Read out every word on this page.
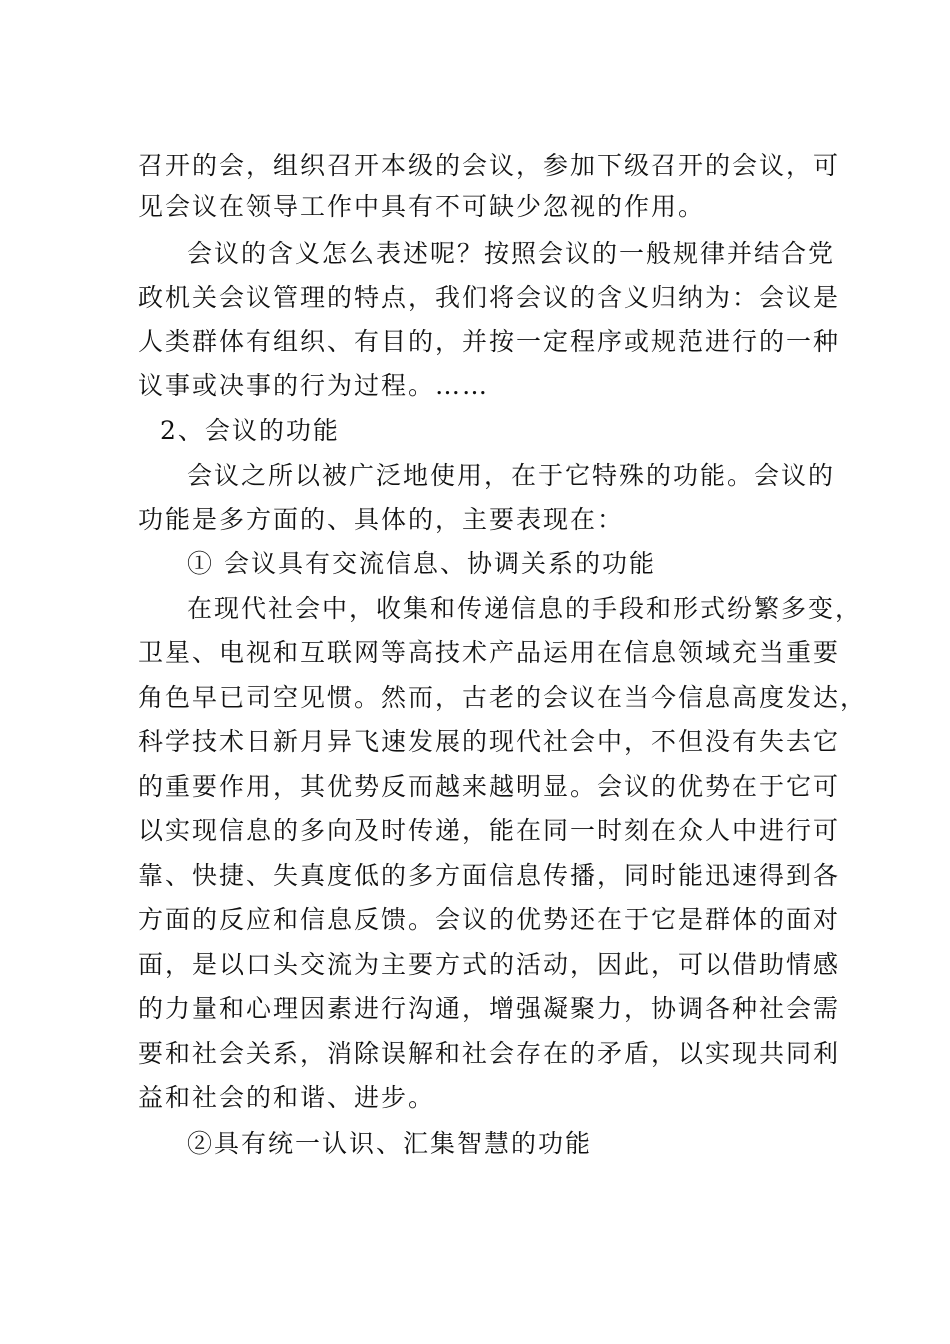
召开的会，组织召开本级的会议，参加下级召开的会议，可
见会议在领导工作中具有不可缺少忽视的作用。
会议的含义怎么表述呢？按照会议的一般规律并结合党
政机关会议管理的特点，我们将会议的含义归纳为：会议是
人类群体有组织、有目的，并按一定程序或规范进行的一种
议事或决事的行为过程。……
2、会议的功能
会议之所以被广泛地使用，在于它特殊的功能。会议的
功能是多方面的、具体的，主要表现在：
① 会议具有交流信息、协调关系的功能
在现代社会中，收集和传递信息的手段和形式纷繁多变，
卫星、电视和互联网等高技术产品运用在信息领域充当重要
角色早已司空见惯。然而，古老的会议在当今信息高度发达，
科学技术日新月异飞速发展的现代社会中，不但没有失去它
的重要作用，其优势反而越来越明显。会议的优势在于它可
以实现信息的多向及时传递，能在同一时刻在众人中进行可
靠、快捷、失真度低的多方面信息传播，同时能迅速得到各
方面的反应和信息反馈。会议的优势还在于它是群体的面对
面，是以口头交流为主要方式的活动，因此，可以借助情感
的力量和心理因素进行沟通，增强凝聚力，协调各种社会需
要和社会关系，消除误解和社会存在的矛盾，以实现共同利
益和社会的和谐、进步。
②具有统一认识、汇集智慧的功能
